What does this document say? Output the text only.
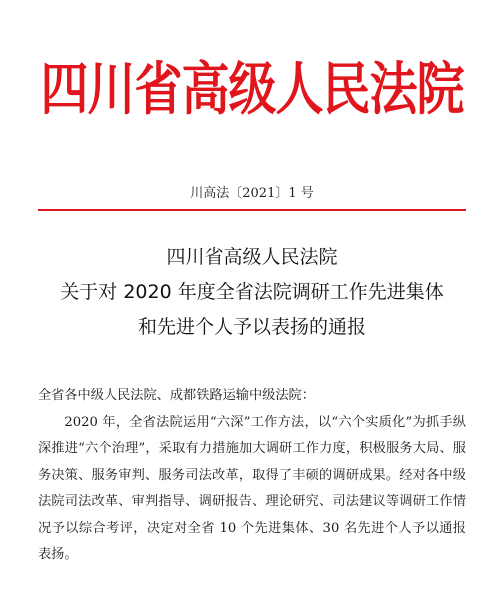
四川省高级人民法院
川高法〔2021〕1 号
四川省高级人民法院
关于对 2020 年度全省法院调研工作先进集体
和先进个人予以表扬的通报
全省各中级人民法院、成都铁路运输中级法院：
2020 年，全省法院运用“六深”工作方法，以“六个实质化”为抓手纵深推进“六个治理”，采取有力措施加大调研工作力度，积极服务大局、服务决策、服务审判、服务司法改革，取得了丰硕的调研成果。经对各中级法院司法改革、审判指导、调研报告、理论研究、司法建议等调研工作情况予以综合考评，决定对全省 10 个先进集体、30 名先进个人予以通报表扬。
